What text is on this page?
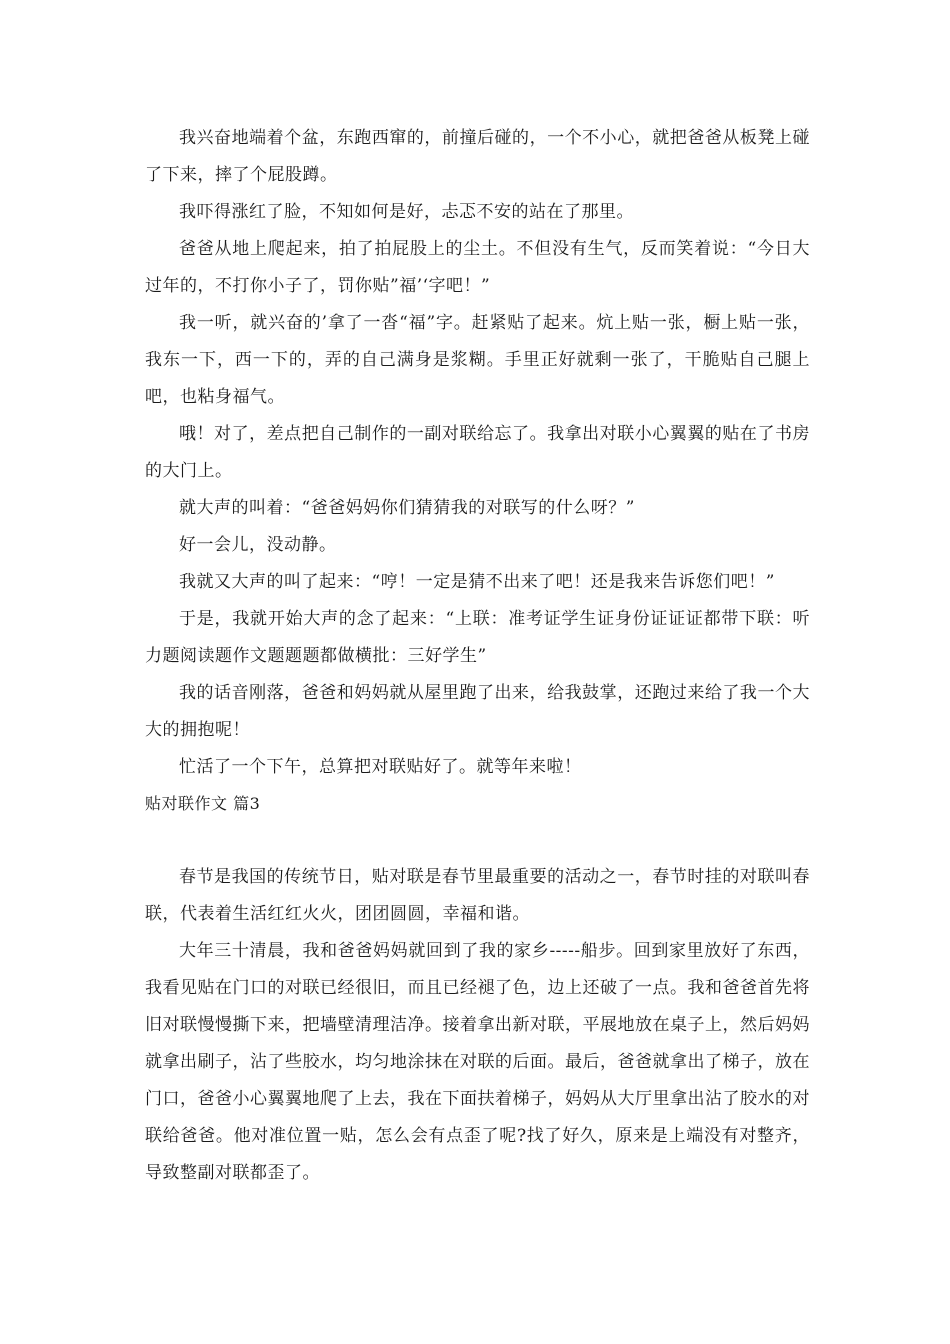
我兴奋地端着个盆，东跑西窜的，前撞后碰的，一个不小心，就把爸爸从板凳上碰了下来，摔了个屁股蹲。

我吓得涨红了脸，不知如何是好，忐忑不安的站在了那里。

爸爸从地上爬起来，拍了拍屁股上的尘土。不但没有生气，反而笑着说：“今日大过年的，不打你小子了，罚你贴”福’‘字吧！”

我一听，就兴奋的’拿了一沓“福”字。赶紧贴了起来。炕上贴一张，橱上贴一张，我东一下，西一下的，弄的自己满身是浆糊。手里正好就剩一张了，干脆贴自己腿上吧，也粘身福气。

哦！对了，差点把自己制作的一副对联给忘了。我拿出对联小心翼翼的贴在了书房的大门上。

就大声的叫着：“爸爸妈妈你们猜猜我的对联写的什么呀？”

好一会儿，没动静。

我就又大声的叫了起来：“哼！一定是猜不出来了吧！还是我来告诉您们吧！”

于是，我就开始大声的念了起来：“上联：准考证学生证身份证证证都带下联：听力题阅读题作文题题题都做横批：三好学生”

我的话音刚落，爸爸和妈妈就从屋里跑了出来，给我鼓掌，还跑过来给了我一个大大的拥抱呢！

忙活了一个下午，总算把对联贴好了。就等年来啦！

贴对联作文 篇3

春节是我国的传统节日，贴对联是春节里最重要的活动之一，春节时挂的对联叫春联，代表着生活红红火火，团团圆圆，幸福和谐。

大年三十清晨，我和爸爸妈妈就回到了我的家乡-----船步。回到家里放好了东西，我看见贴在门口的对联已经很旧，而且已经褪了色，边上还破了一点。我和爸爸首先将旧对联慢慢撕下来，把墙壁清理洁净。接着拿出新对联，平展地放在桌子上，然后妈妈就拿出刷子，沾了些胶水，均匀地涂抹在对联的后面。最后，爸爸就拿出了梯子，放在门口，爸爸小心翼翼地爬了上去，我在下面扶着梯子，妈妈从大厅里拿出沾了胶水的对联给爸爸。他对准位置一贴，怎么会有点歪了呢?找了好久，原来是上端没有对整齐，导致整副对联都歪了。
